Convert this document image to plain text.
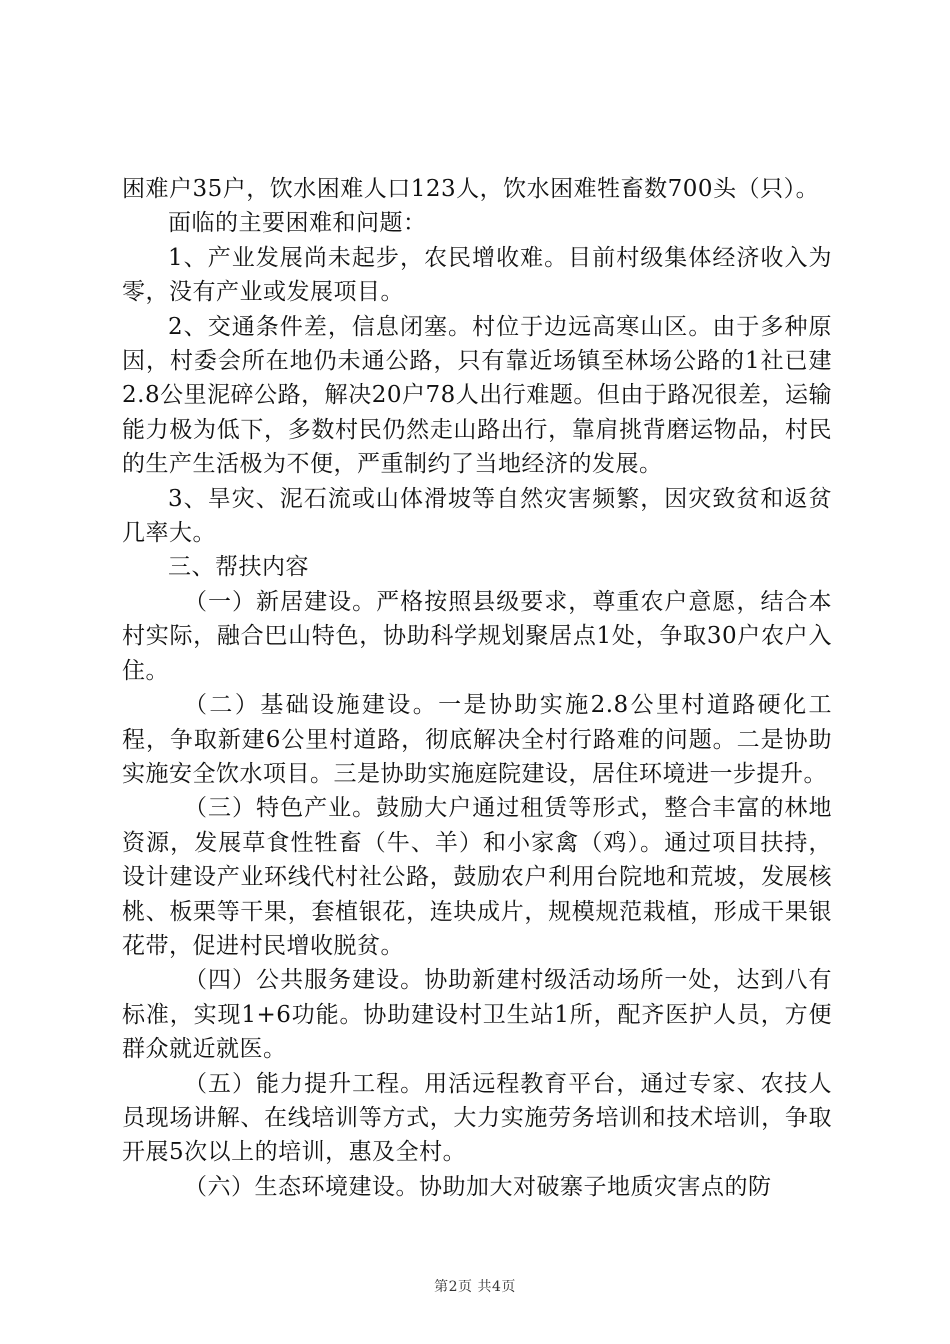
困难户35户，饮水困难人口123人，饮水困难牲畜数700头（只）。

面临的主要困难和问题：

1、产业发展尚未起步，农民增收难。目前村级集体经济收入为零，没有产业或发展项目。

2、交通条件差，信息闭塞。村位于边远高寒山区。由于多种原因，村委会所在地仍未通公路，只有靠近场镇至林场公路的1社已建2.8公里泥碎公路，解决20户78人出行难题。但由于路况很差，运输能力极为低下，多数村民仍然走山路出行，靠肩挑背磨运物品，村民的生产生活极为不便，严重制约了当地经济的发展。

3、旱灾、泥石流或山体滑坡等自然灾害频繁，因灾致贫和返贫几率大。

三、帮扶内容

（一）新居建设。严格按照县级要求，尊重农户意愿，结合本村实际，融合巴山特色，协助科学规划聚居点1处，争取30户农户入住。

（二）基础设施建设。一是协助实施2.8公里村道路硬化工程，争取新建6公里村道路，彻底解决全村行路难的问题。二是协助实施安全饮水项目。三是协助实施庭院建设，居住环境进一步提升。

（三）特色产业。鼓励大户通过租赁等形式，整合丰富的林地资源，发展草食性牲畜（牛、羊）和小家禽（鸡）。通过项目扶持，设计建设产业环线代村社公路，鼓励农户利用台院地和荒坡，发展核桃、板栗等干果，套植银花，连块成片，规模规范栽植，形成干果银花带，促进村民增收脱贫。

（四）公共服务建设。协助新建村级活动场所一处，达到八有标准，实现1+6功能。协助建设村卫生站1所，配齐医护人员，方便群众就近就医。

（五）能力提升工程。用活远程教育平台，通过专家、农技人员现场讲解、在线培训等方式，大力实施劳务培训和技术培训，争取开展5次以上的培训，惠及全村。

（六）生态环境建设。协助加大对破寨子地质灾害点的防

第2页 共4页
